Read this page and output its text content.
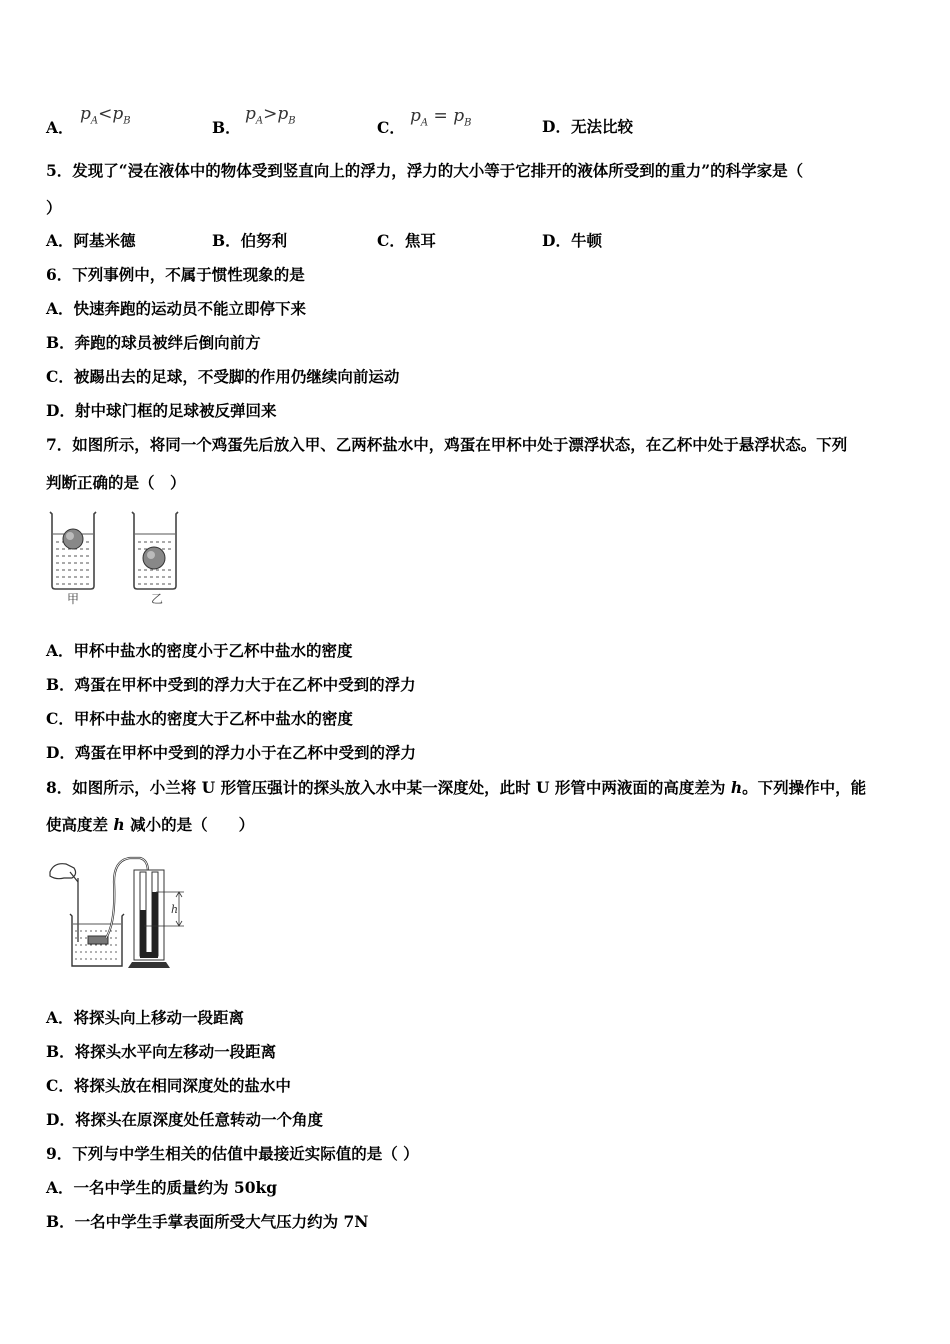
A．
$p_A<p_B$	B．
$p_A>p_B$	C．
$p_A = p_B$	D．无法比较
5．发现了“浸在液体中的物体受到竖直向上的浮力，浮力的大小等于它排开的液体所受到的重力”的科学家是（
）
A．阿基米德	B．伯努利	C．焦耳	D．牛顿
6．下列事例中，不属于惯性现象的是
A．快速奔跑的运动员不能立即停下来
B．奔跑的球员被绊后倒向前方
C．被踢出去的足球，不受脚的作用仍继续向前运动
D．射中球门框的足球被反弹回来
7．如图所示，将同一个鸡蛋先后放入甲、乙两杯盐水中，鸡蛋在甲杯中处于漂浮状态，在乙杯中处于悬浮状态。下列
判断正确的是（　）
甲	乙
A．甲杯中盐水的密度小于乙杯中盐水的密度
B．鸡蛋在甲杯中受到的浮力大于在乙杯中受到的浮力
C．甲杯中盐水的密度大于乙杯中盐水的密度
D．鸡蛋在甲杯中受到的浮力小于在乙杯中受到的浮力
8．如图所示，小兰将 U 形管压强计的探头放入水中某一深度处，此时 U 形管中两液面的高度差为 h。下列操作中，能
使高度差 h 减小的是（　　）
h
A．将探头向上移动一段距离
B．将探头水平向左移动一段距离
C．将探头放在相同深度处的盐水中
D．将探头在原深度处任意转动一个角度
9．下列与中学生相关的估值中最接近实际值的是（ ）
A．一名中学生的质量约为 50kg
B．一名中学生手掌表面所受大气压力约为 7N
